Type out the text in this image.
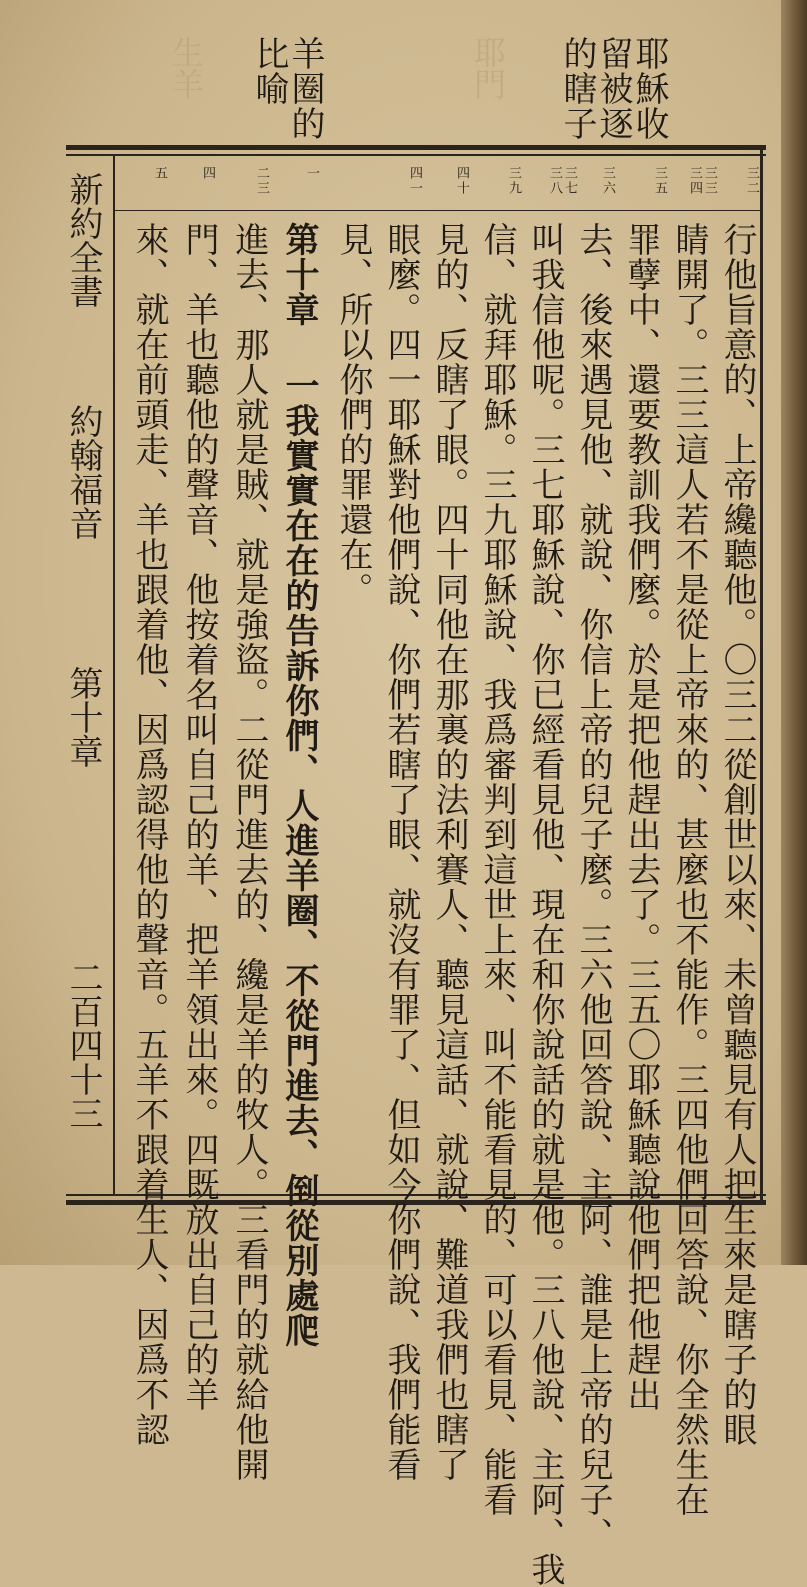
生羊	耶門	耶穌收
留被逐
的瞎子
羊圈的
比喻
新約全書
約翰福音
第十章
二百四十三
三二
三三
三四
三五
三六
三七
三八
三九
四十
四一
一
二三
四
五
行他旨意的、上帝纔聽他。〇三二從創世以來、未曾聽見有人把生來是瞎子的眼
睛開了。三三這人若不是從上帝來的、甚麼也不能作。三四他們回答說、你全然生在
罪孽中、還要教訓我們麼。於是把他趕出去了。三五〇耶穌聽說他們把他趕出
去、後來遇見他、就說、你信上帝的兒子麼。三六他回答說、主阿、誰是上帝的兒子、
叫我信他呢。三七耶穌說、你已經看見他、現在和你說話的就是他。三八他說、主阿、我
信、就拜耶穌。三九耶穌說、我爲審判到這世上來、叫不能看見的、可以看見、能看
見的、反瞎了眼。四十同他在那裏的法利賽人、聽見這話、就說、難道我們也瞎了
眼麼。四一耶穌對他們說、你們若瞎了眼、就沒有罪了、但如今你們說、我們能看
見、所以你們的罪還在。
第十章 一我實實在在的告訴你們、人進羊圈、不從門進去、倒從別處爬
進去、那人就是賊、就是強盜。二從門進去的、纔是羊的牧人。三看門的就給他開
門、羊也聽他的聲音、他按着名叫自己的羊、把羊領出來。四既放出自己的羊
來、就在前頭走、羊也跟着他、因爲認得他的聲音。五羊不跟着生人、因爲不認
